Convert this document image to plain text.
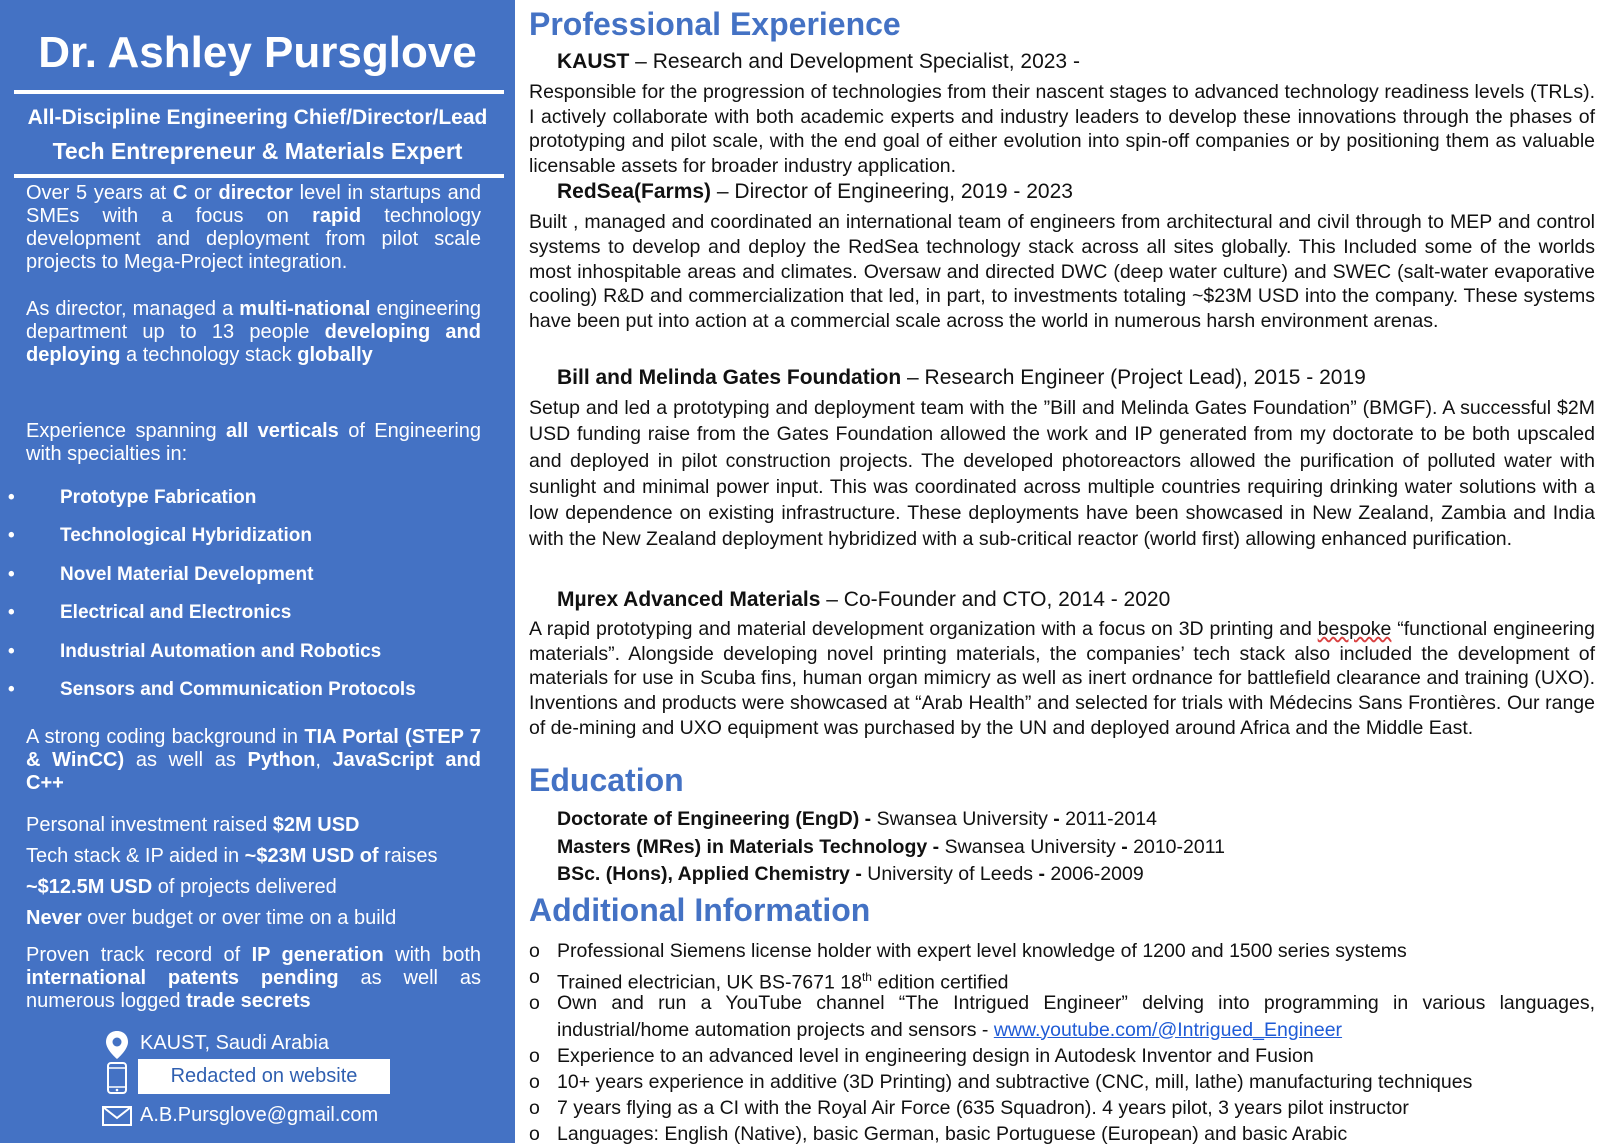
Dr. Ashley Pursglove
All-Discipline Engineering Chief/Director/Lead
Tech Entrepreneur & Materials Expert
Over 5 years at C or director level in startups and SMEs with a focus on rapid technology development and deployment from pilot scale projects to Mega-Project integration.
As director, managed a multi-national engineering department up to 13 people developing and deploying a technology stack globally
Experience spanning all verticals of Engineering with specialties in:
• Prototype Fabrication
• Technological Hybridization
• Novel Material Development
• Electrical and Electronics
• Industrial Automation and Robotics
• Sensors and Communication Protocols
A strong coding background in TIA Portal (STEP 7 & WinCC) as well as Python, JavaScript and C++
Personal investment raised $2M USD
Tech stack & IP aided in ~$23M USD of raises
~$12.5M USD of projects delivered
Never over budget or over time on a build
Proven track record of IP generation with both international patents pending as well as numerous logged trade secrets
KAUST, Saudi Arabia
Redacted on website
A.B.Pursglove@gmail.com
Professional Experience
KAUST – Research and Development Specialist, 2023 -
Responsible for the progression of technologies from their nascent stages to advanced technology readiness levels (TRLs). I actively collaborate with both academic experts and industry leaders to develop these innovations through the phases of prototyping and pilot scale, with the end goal of either evolution into spin-off companies or by positioning them as valuable licensable assets for broader industry application.
RedSea(Farms) – Director of Engineering, 2019 - 2023
Built , managed and coordinated an international team of engineers from architectural and civil through to MEP and control systems to develop and deploy the RedSea technology stack across all sites globally. This Included some of the worlds most inhospitable areas and climates. Oversaw and directed DWC (deep water culture) and SWEC (salt-water evaporative cooling) R&D and commercialization that led, in part, to investments totaling ~$23M USD into the company. These systems have been put into action at a commercial scale across the world in numerous harsh environment arenas.
Bill and Melinda Gates Foundation – Research Engineer (Project Lead), 2015 - 2019
Setup and led a prototyping and deployment team with the ”Bill and Melinda Gates Foundation” (BMGF). A successful $2M USD funding raise from the Gates Foundation allowed the work and IP generated from my doctorate to be both upscaled and deployed in pilot construction projects. The developed photoreactors allowed the purification of polluted water with sunlight and minimal power input. This was coordinated across multiple countries requiring drinking water solutions with a low dependence on existing infrastructure. These deployments have been showcased in New Zealand, Zambia and India with the New Zealand deployment hybridized with a sub-critical reactor (world first) allowing enhanced purification.
Mµrex Advanced Materials – Co-Founder and CTO, 2014 - 2020
A rapid prototyping and material development organization with a focus on 3D printing and bespoke “functional engineering materials”. Alongside developing novel printing materials, the companies’ tech stack also included the development of materials for use in Scuba fins, human organ mimicry as well as inert ordnance for battlefield clearance and training (UXO). Inventions and products were showcased at “Arab Health” and selected for trials with Médecins Sans Frontières. Our range of de-mining and UXO equipment was purchased by the UN and deployed around Africa and the Middle East.
Education
Doctorate of Engineering (EngD) - Swansea University - 2011-2014
Masters (MRes) in Materials Technology - Swansea University - 2010-2011
BSc. (Hons), Applied Chemistry - University of Leeds - 2006-2009
Additional Information
o Professional Siemens license holder with expert level knowledge of 1200 and 1500 series systems
o Trained electrician, UK BS-7671 18th edition certified
o Own and run a YouTube channel “The Intrigued Engineer” delving into programming in various languages, industrial/home automation projects and sensors - www.youtube.com/@Intrigued_Engineer
o Experience to an advanced level in engineering design in Autodesk Inventor and Fusion
o 10+ years experience in additive (3D Printing) and subtractive (CNC, mill, lathe) manufacturing techniques
o 7 years flying as a CI with the Royal Air Force (635 Squadron). 4 years pilot, 3 years pilot instructor
o Languages: English (Native), basic German, basic Portuguese (European) and basic Arabic
